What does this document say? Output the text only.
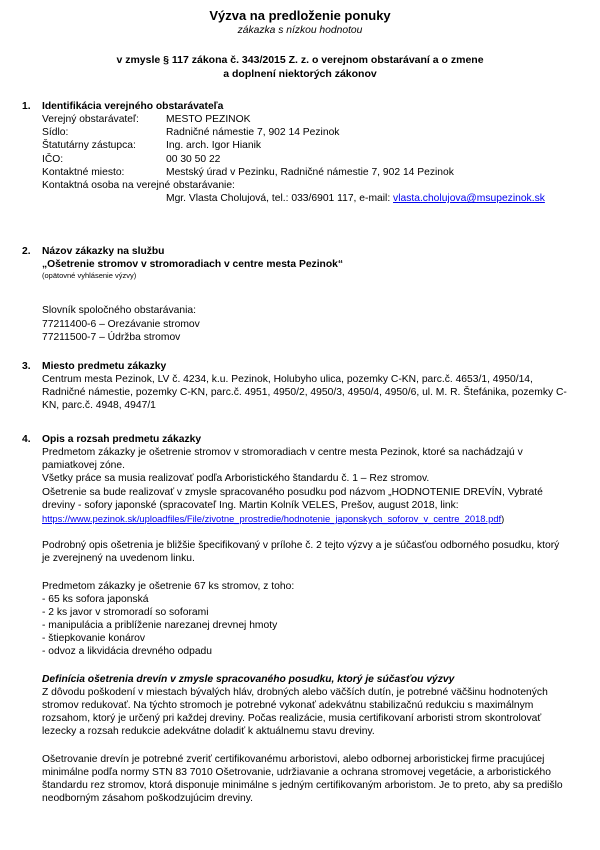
Výzva na predloženie ponuky
zákazka s nízkou hodnotou
v zmysle § 117 zákona č. 343/2015 Z. z. o verejnom obstarávaní a o zmene
a doplnení niektorých zákonov
1.	Identifikácia verejného obstarávateľa
Verejný obstarávateľ:	MESTO PEZINOK
Sídlo:	Radničné námestie 7, 902 14 Pezinok
Štatutárny zástupca:	Ing. arch. Igor Hianik
IČO:	00 30 50 22
Kontaktné miesto:	Mestský úrad v Pezinku, Radničné námestie 7, 902 14 Pezinok
Kontaktná osoba na verejné obstarávanie:
Mgr. Vlasta Cholujová, tel.: 033/6901 117, e-mail: vlasta.cholujova@msupezinok.sk
2.	Názov zákazky na službu
„Ošetrenie stromov v stromoradiach v centre mesta Pezinok“
(opätovné vyhlásenie výzvy)
Slovník spoločného obstarávania:
77211400-6 – Orezávanie stromov
77211500-7 – Údržba stromov
3.	Miesto predmetu zákazky
Centrum mesta Pezinok, LV č. 4234, k.u. Pezinok, Holubyho ulica, pozemky C-KN, parc.č. 4653/1, 4950/14,
Radničné námestie, pozemky C-KN, parc.č. 4951, 4950/2, 4950/3, 4950/4, 4950/6, ul. M. R. Štefánika, pozemky C-
KN, parc.č. 4948, 4947/1
4.	Opis a rozsah predmetu zákazky
Predmetom zákazky je ošetrenie stromov v stromoradiach v centre mesta Pezinok, ktoré sa nachádzajú v
pamiatkovej zóne.
Všetky práce sa musia realizovať podľa Arboristického štandardu č. 1 – Rez stromov.
Ošetrenie sa bude realizovať v zmysle spracovaného posudku pod názvom „HODNOTENIE DREVÍN, Vybraté
dreviny - sofory japonské (spracovateľ Ing. Martin Kolník VELES, Prešov, august 2018, link:
https://www.pezinok.sk/uploadfiles/File/zivotne_prostredie/hodnotenie_japonskych_soforov_v_centre_2018.pdf)
Podrobný opis ošetrenia je bližšie špecifikovaný v prílohe č. 2 tejto výzvy a je súčasťou odborného posudku, ktorý
je zverejnený na uvedenom linku.
Predmetom zákazky je ošetrenie 67 ks stromov, z toho:
- 65 ks sofora japonská
- 2 ks javor v stromoradí so soforami
- manipulácia a priblíženie narezanej drevnej hmoty
- štiepkovanie konárov
- odvoz a likvidácia drevného odpadu
Definícia ošetrenia drevín v zmysle spracovaného posudku, ktorý je súčasťou výzvy
Z dôvodu poškodení v miestach bývalých hláv, drobných alebo väčších dutín, je potrebné väčšinu hodnotených
stromov redukovať. Na týchto stromoch je potrebné vykonať adekvátnu stabilizačnú redukciu s maximálnym
rozsahom, ktorý je určený pri každej dreviny. Počas realizácie, musia certifikovaní arboristi strom skontrolovať
lezecky a rozsah redukcie adekvátne doladiť k aktuálnemu stavu dreviny.
Ošetrovanie drevín je potrebné zveriť certifikovanému arboristovi, alebo odbornej arboristickej firme pracujúcej
minimálne podľa normy STN 83 7010 Ošetrovanie, udržiavanie a ochrana stromovej vegetácie, a arboristického
štandardu rez stromov, ktorá disponuje minimálne s jedným certifikovaným arboristom. Je to preto, aby sa predišlo
neodborným zásahom poškodzujúcim dreviny.
